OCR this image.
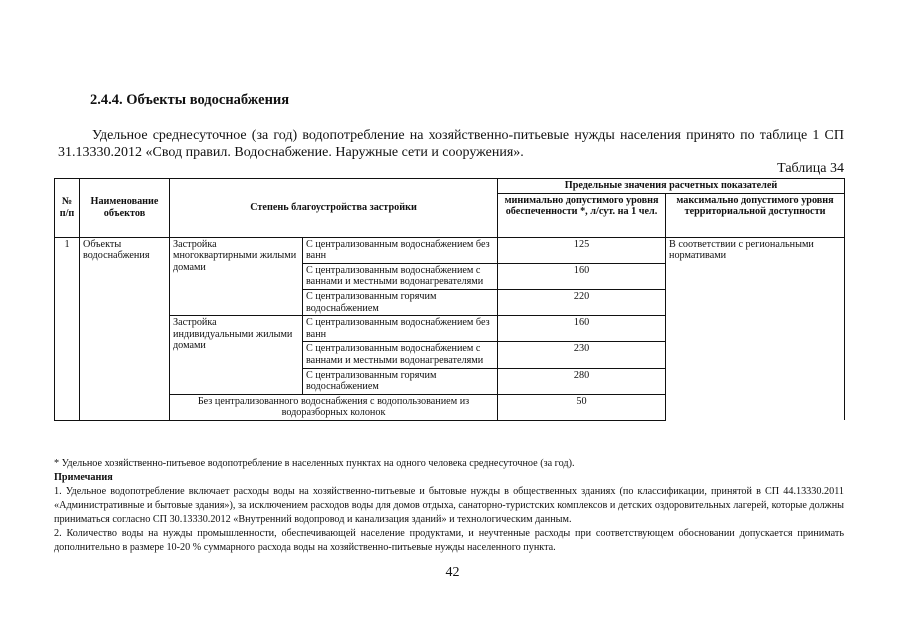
2.4.4. Объекты водоснабжения
Удельное среднесуточное (за год) водопотребление на хозяйственно-питьевые нужды населения принято по таблице 1 СП 31.13330.2012 «Свод правил. Водоснабжение. Наружные сети и сооружения».
Таблица 34
№ п/п	Наименование объектов	Степень благоустройства застройки		Предельные значения расчетных показателей	
				минимально допустимого уровня обеспеченности *, л/сут. на 1 чел.	максимально допустимого уровня территориальной доступности
1	Объекты водоснабжения	Застройка многоквартирными жилыми домами	С централизованным водоснабжением без ванн	125	В соответствии с региональными нормативами
			С централизованным водоснабжением с ваннами и местными водонагревателями	160	
			С централизованным горячим водоснабжением	220	
		Застройка индивидуальными жилыми домами	С централизованным водоснабжением без ванн	160	
			С централизованным водоснабжением с ваннами и местными водонагревателями	230	
			С централизованным горячим водоснабжением	280	
		Без централизованного водоснабжения с водопользованием из водоразборных колонок		50	
* Удельное хозяйственно-питьевое водопотребление в населенных пунктах на одного человека среднесуточное (за год).
Примечания
1. Удельное водопотребление включает расходы воды на хозяйственно-питьевые и бытовые нужды в общественных зданиях (по классификации, принятой в СП 44.13330.2011 «Административные и бытовые здания»), за исключением расходов воды для домов отдыха, санаторно-туристских комплексов и детских оздоровительных лагерей, которые должны приниматься согласно СП 30.13330.2012 «Внутренний водопровод и канализация зданий» и технологическим данным.
2. Количество воды на нужды промышленности, обеспечивающей население продуктами, и неучтенные расходы при соответствующем обосновании допускается принимать дополнительно в размере 10-20 % суммарного расхода воды на хозяйственно-питьевые нужды населенного пункта.
42
